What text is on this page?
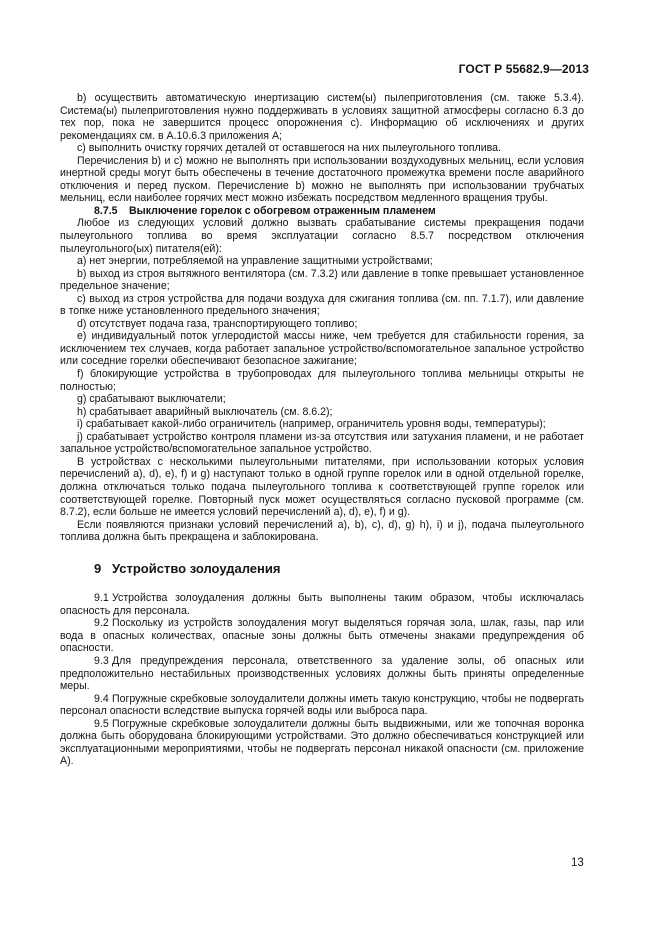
ГОСТ Р 55682.9—2013

b) осуществить автоматическую инертизацию систем(ы) пылеприготовления (см. также 5.3.4). Система(ы) пылеприготовления нужно поддерживать в условиях защитной атмосферы согласно 6.3 до тех пор, пока не завершится процесс опорожнения с). Информацию об исключениях и других рекомендациях см. в А.10.6.3 приложения А;

с) выполнить очистку горячих деталей от оставшегося на них пылеугольного топлива.

Перечисления b) и с) можно не выполнять при использовании воздуходувных мельниц, если условия инертной среды могут быть обеспечены в течение достаточного промежутка времени после аварийного отключения и перед пуском. Перечисление b) можно не выполнять при использовании трубчатых мельниц, если наиболее горячих мест можно избежать посредством медленного вращения трубы.

8.7.5 Выключение горелок с обогревом отраженным пламенем

Любое из следующих условий должно вызвать срабатывание системы прекращения подачи пылеугольного топлива во время эксплуатации согласно 8.5.7 посредством отключения пылеугольного(ых) питателя(ей):

а) нет энергии, потребляемой на управление защитными устройствами;

b) выход из строя вытяжного вентилятора (см. 7.3.2) или давление в топке превышает установленное предельное значение;

с) выход из строя устройства для подачи воздуха для сжигания топлива (см. пп. 7.1.7), или давление в топке ниже установленного предельного значения;

d) отсутствует подача газа, транспортирующего топливо;

е) индивидуальный поток углеродистой массы ниже, чем требуется для стабильности горения, за исключением тех случаев, когда работает запальное устройство/вспомогательное запальное устройство или соседние горелки обеспечивают безопасное зажигание;

f) блокирующие устройства в трубопроводах для пылеугольного топлива мельницы открыты не полностью;

g) срабатывают выключатели;

h) срабатывает аварийный выключатель (см. 8.6.2);

i) срабатывает какой-либо ограничитель (например, ограничитель уровня воды, температуры);

j) срабатывает устройство контроля пламени из-за отсутствия или затухания пламени, и не работает запальное устройство/вспомогательное запальное устройство.

В устройствах с несколькими пылеугольными питателями, при использовании которых условия перечислений а), d), е), f) и g) наступают только в одной группе горелок или в одной отдельной горелке, должна отключаться только подача пылеугольного топлива к соответствующей группе горелок или соответствующей горелке. Повторный пуск может осуществляться согласно пусковой программе (см. 8.7.2), если больше не имеется условий перечислений а), d), е), f) и g).

Если появляются признаки условий перечислений а), b), с), d), g) h), i) и j), подача пылеугольного топлива должна быть прекращена и заблокирована.

9 Устройство золоудаления

9.1 Устройства золоудаления должны быть выполнены таким образом, чтобы исключалась опасность для персонала.

9.2 Поскольку из устройств золоудаления могут выделяться горячая зола, шлак, газы, пар или вода в опасных количествах, опасные зоны должны быть отмечены знаками предупреждения об опасности.

9.3 Для предупреждения персонала, ответственного за удаление золы, об опасных или предположительно нестабильных производственных условиях должны быть приняты определенные меры.

9.4 Погружные скребковые золоудалители должны иметь такую конструкцию, чтобы не подвергать персонал опасности вследствие выпуска горячей воды или выброса пара.

9.5 Погружные скребковые золоудалители должны быть выдвижными, или же топочная воронка должна быть оборудована блокирующими устройствами. Это должно обеспечиваться конструкцией или эксплуатационными мероприятиями, чтобы не подвергать персонал никакой опасности (см. приложение А).

13
